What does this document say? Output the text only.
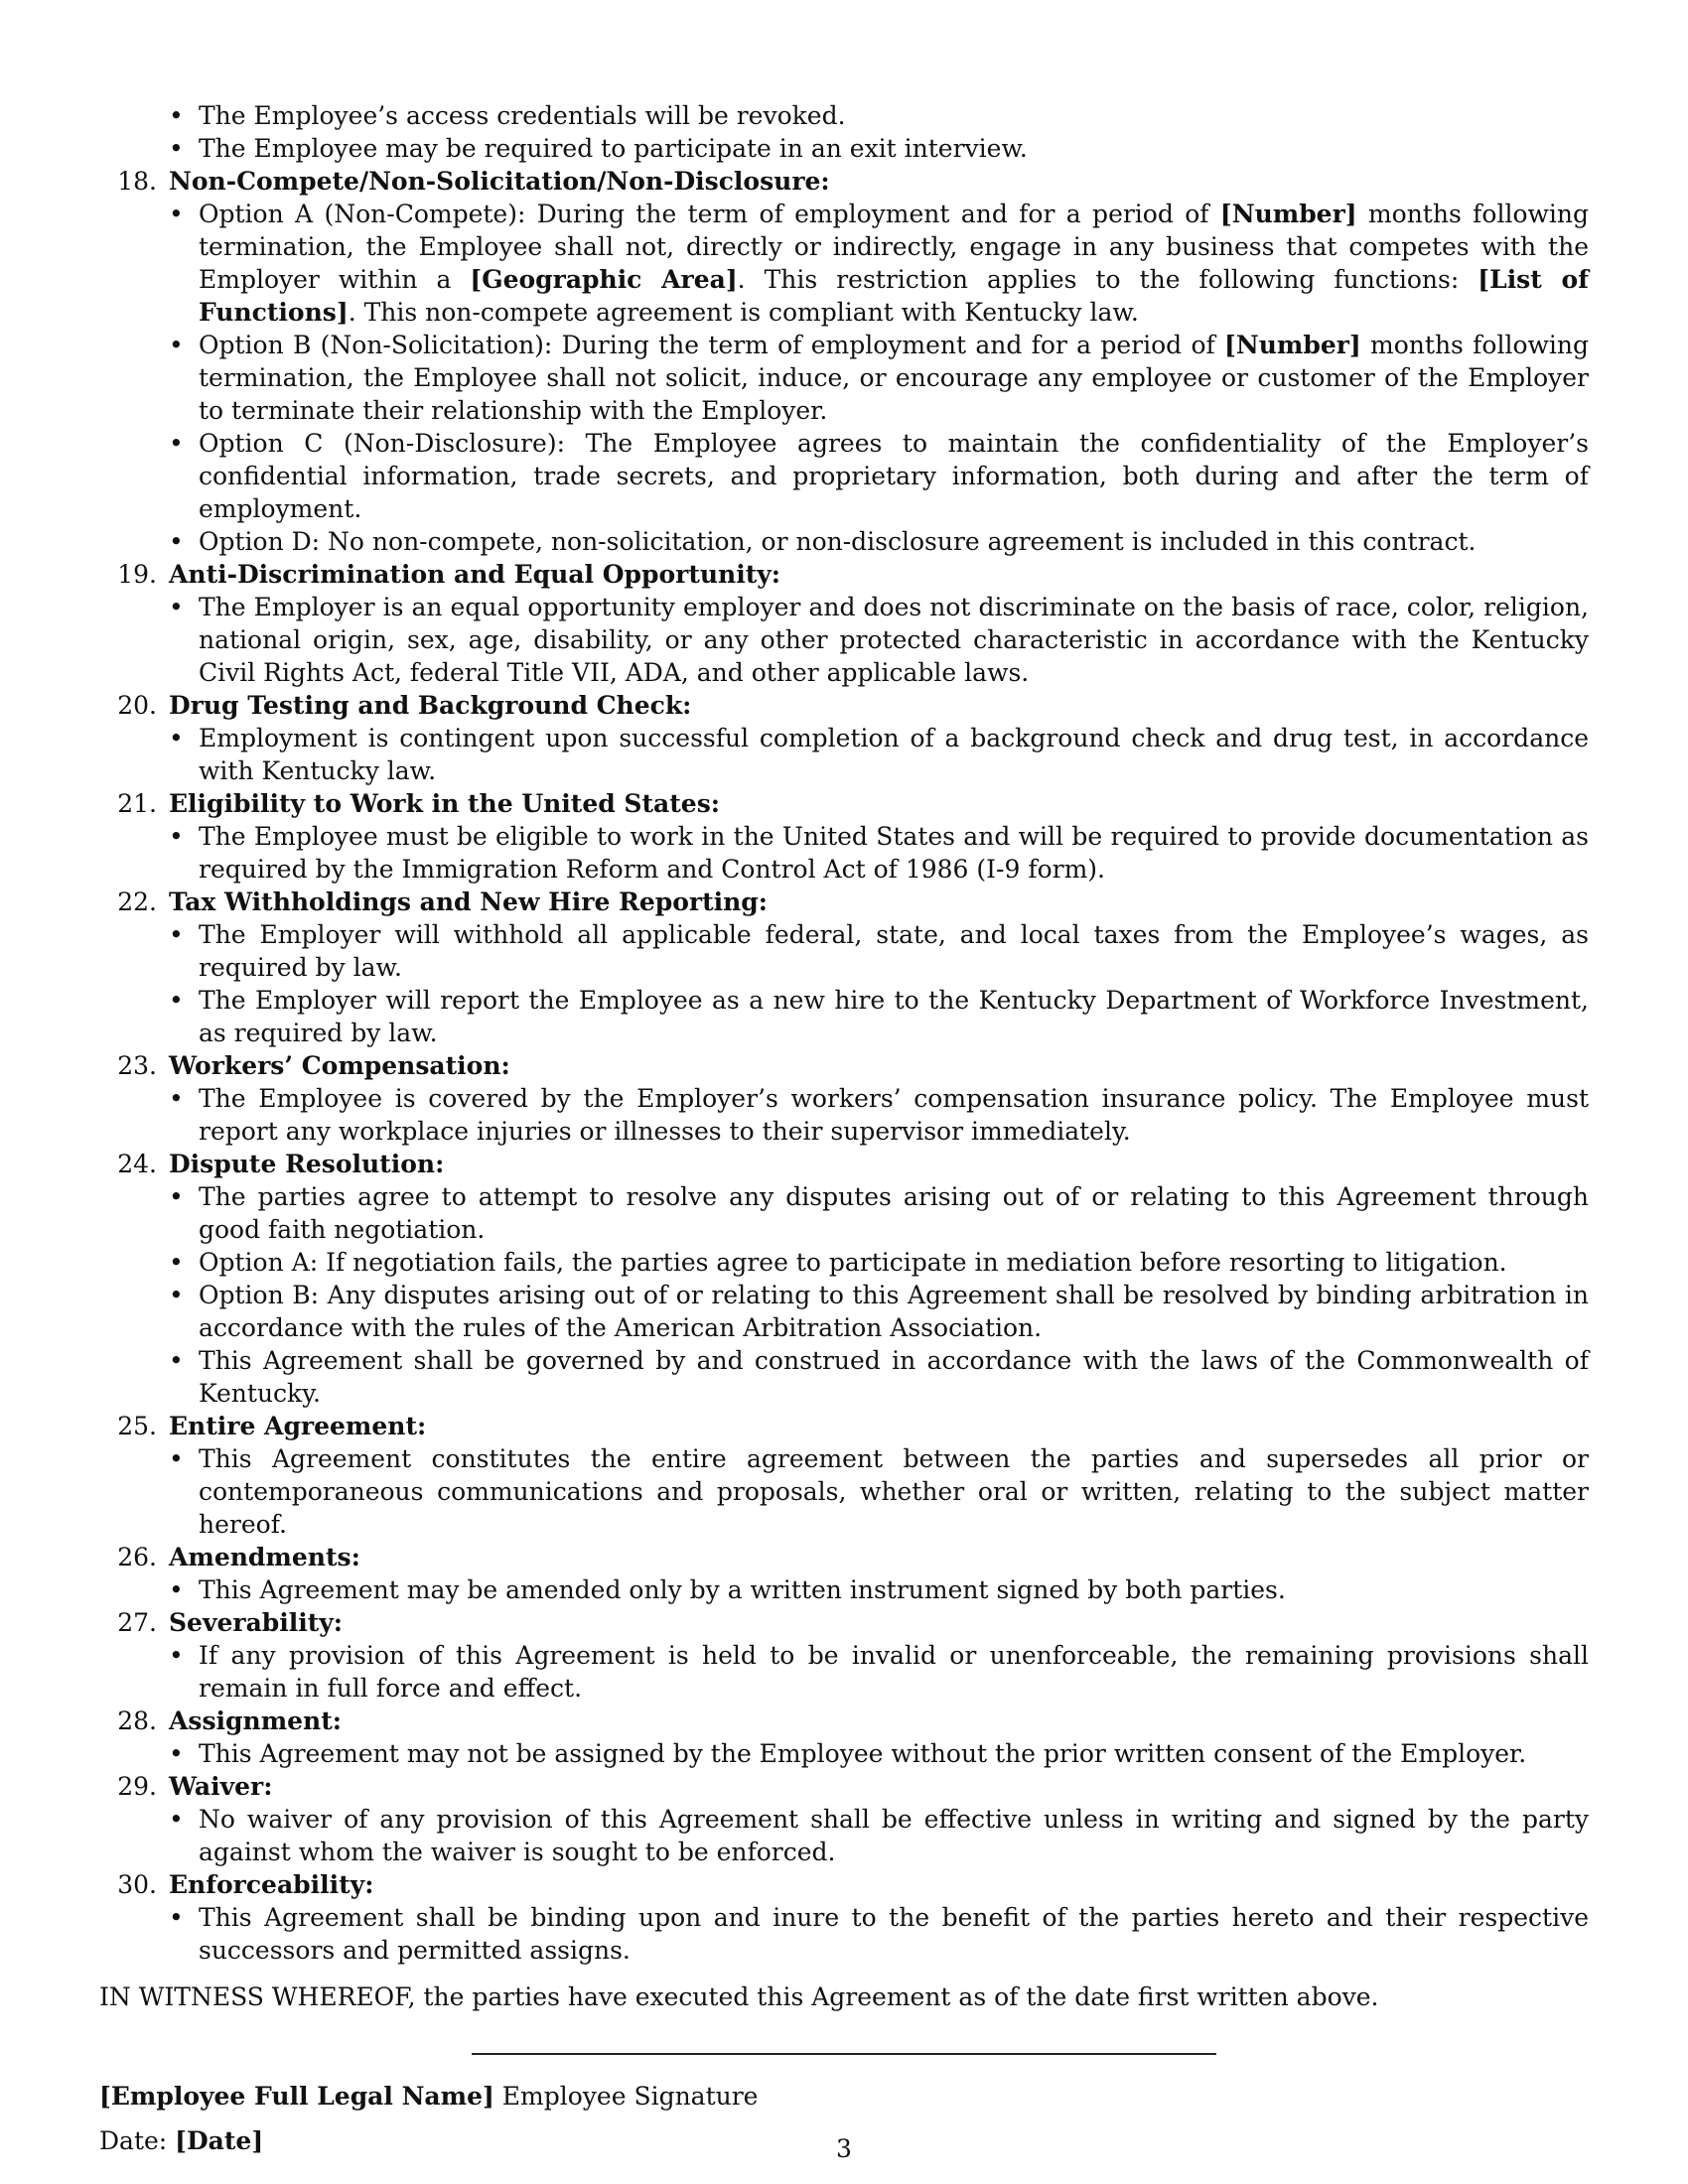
• The Employee’s access credentials will be revoked.
• The Employee may be required to participate in an exit interview.
18. Non-Compete/Non-Solicitation/Non-Disclosure:
• Option A (Non-Compete): During the term of employment and for a period of [Number] months following termination, the Employee shall not, directly or indirectly, engage in any business that competes with the Employer within a [Geographic Area]. This restriction applies to the following functions: [List of Functions]. This non-compete agreement is compliant with Kentucky law.
• Option B (Non-Solicitation): During the term of employment and for a period of [Number] months following termination, the Employee shall not solicit, induce, or encourage any employee or customer of the Employer to terminate their relationship with the Employer.
• Option C (Non-Disclosure): The Employee agrees to maintain the confidentiality of the Employer’s confidential information, trade secrets, and proprietary information, both during and after the term of employment.
• Option D: No non-compete, non-solicitation, or non-disclosure agreement is included in this contract.
19. Anti-Discrimination and Equal Opportunity:
• The Employer is an equal opportunity employer and does not discriminate on the basis of race, color, religion, national origin, sex, age, disability, or any other protected characteristic in accordance with the Kentucky Civil Rights Act, federal Title VII, ADA, and other applicable laws.
20. Drug Testing and Background Check:
• Employment is contingent upon successful completion of a background check and drug test, in accordance with Kentucky law.
21. Eligibility to Work in the United States:
• The Employee must be eligible to work in the United States and will be required to provide documentation as required by the Immigration Reform and Control Act of 1986 (I-9 form).
22. Tax Withholdings and New Hire Reporting:
• The Employer will withhold all applicable federal, state, and local taxes from the Employee’s wages, as required by law.
• The Employer will report the Employee as a new hire to the Kentucky Department of Workforce Investment, as required by law.
23. Workers’ Compensation:
• The Employee is covered by the Employer’s workers’ compensation insurance policy. The Employee must report any workplace injuries or illnesses to their supervisor immediately.
24. Dispute Resolution:
• The parties agree to attempt to resolve any disputes arising out of or relating to this Agreement through good faith negotiation.
• Option A: If negotiation fails, the parties agree to participate in mediation before resorting to litigation.
• Option B: Any disputes arising out of or relating to this Agreement shall be resolved by binding arbitration in accordance with the rules of the American Arbitration Association.
• This Agreement shall be governed by and construed in accordance with the laws of the Commonwealth of Kentucky.
25. Entire Agreement:
• This Agreement constitutes the entire agreement between the parties and supersedes all prior or contemporaneous communications and proposals, whether oral or written, relating to the subject matter hereof.
26. Amendments:
• This Agreement may be amended only by a written instrument signed by both parties.
27. Severability:
• If any provision of this Agreement is held to be invalid or unenforceable, the remaining provisions shall remain in full force and effect.
28. Assignment:
• This Agreement may not be assigned by the Employee without the prior written consent of the Employer.
29. Waiver:
• No waiver of any provision of this Agreement shall be effective unless in writing and signed by the party against whom the waiver is sought to be enforced.
30. Enforceability:
• This Agreement shall be binding upon and inure to the benefit of the parties hereto and their respective successors and permitted assigns.
IN WITNESS WHEREOF, the parties have executed this Agreement as of the date first written above.
[Employee Full Legal Name] Employee Signature
Date: [Date]	3
